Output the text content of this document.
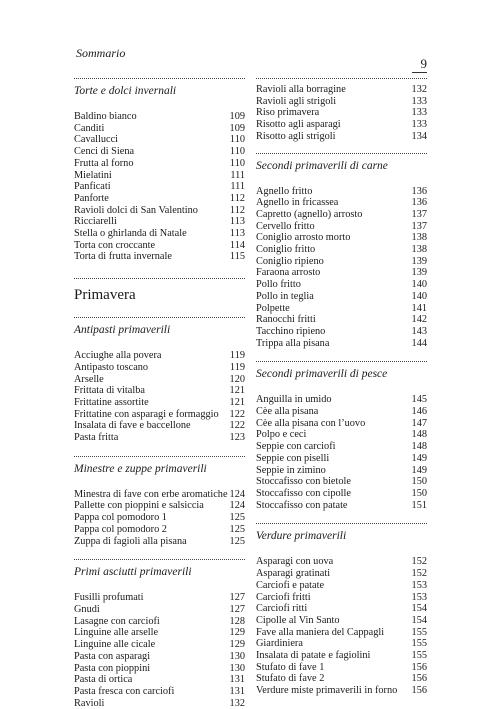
Sommario
9
Torte e dolci invernali
Baldino bianco	109
Canditi	109
Cavallucci	110
Cenci di Siena	110
Frutta al forno	110
Mielatini	111
Panficati	111
Panforte	112
Ravioli dolci di San Valentino	112
Ricciarelli	113
Stella o ghirlanda di Natale	113
Torta con croccante	114
Torta di frutta invernale	115
Primavera
Antipasti primaverili
Acciughe alla povera	119
Antipasto toscano	119
Arselle	120
Frittata di vitalba	121
Frittatine assortite	121
Frittatine con asparagi e formaggio 122
Insalata di fave e baccellone	122
Pasta fritta	123
Minestre e zuppe primaverili
Minestra di fave con erbe aromatiche 124
Pallette con pioppini e salsiccia 124
Pappa col pomodoro 1	125
Pappa col pomodoro 2	125
Zuppa di fagioli alla pisana	125
Primi asciutti primaverili
Fusilli profumati	127
Gnudi	127
Lasagne con carciofi	128
Linguine alle arselle	129
Linguine alle cicale	129
Pasta con asparagi	130
Pasta con pioppini	130
Pasta di ortica	131
Pasta fresca con carciofi	131
Ravioli	132
Ravioli alla borragine	132
Ravioli agli strigoli	133
Riso primavera	133
Risotto agli asparagi	133
Risotto agli strigoli	134
Secondi primaverili di carne
Agnello fritto	136
Agnello in fricassea	136
Capretto (agnello) arrosto	137
Cervello fritto	137
Coniglio arrosto morto	138
Coniglio fritto	138
Coniglio ripieno	139
Faraona arrosto	139
Pollo fritto	140
Pollo in teglia	140
Polpette	141
Ranocchi fritti	142
Tacchino ripieno	143
Trippa alla pisana	144
Secondi primaverili di pesce
Anguilla in umido	145
Cèe alla pisana	146
Cèe alla pisana con l’uovo	147
Polpo e ceci	148
Seppie con carciofi	148
Seppie con piselli	149
Seppie in zimino	149
Stoccafisso con bietole	150
Stoccafisso con cipolle	150
Stoccafisso con patate	151
Verdure primaverili
Asparagi con uova	152
Asparagi gratinati	152
Carciofi e patate	153
Carciofi fritti	153
Carciofi ritti	154
Cipolle al Vin Santo	154
Fave alla maniera del Cappagli	155
Giardiniera	155
Insalata di patate e fagiolini	155
Stufato di fave 1	156
Stufato di fave 2	156
Verdure miste primaverili in forno 156
